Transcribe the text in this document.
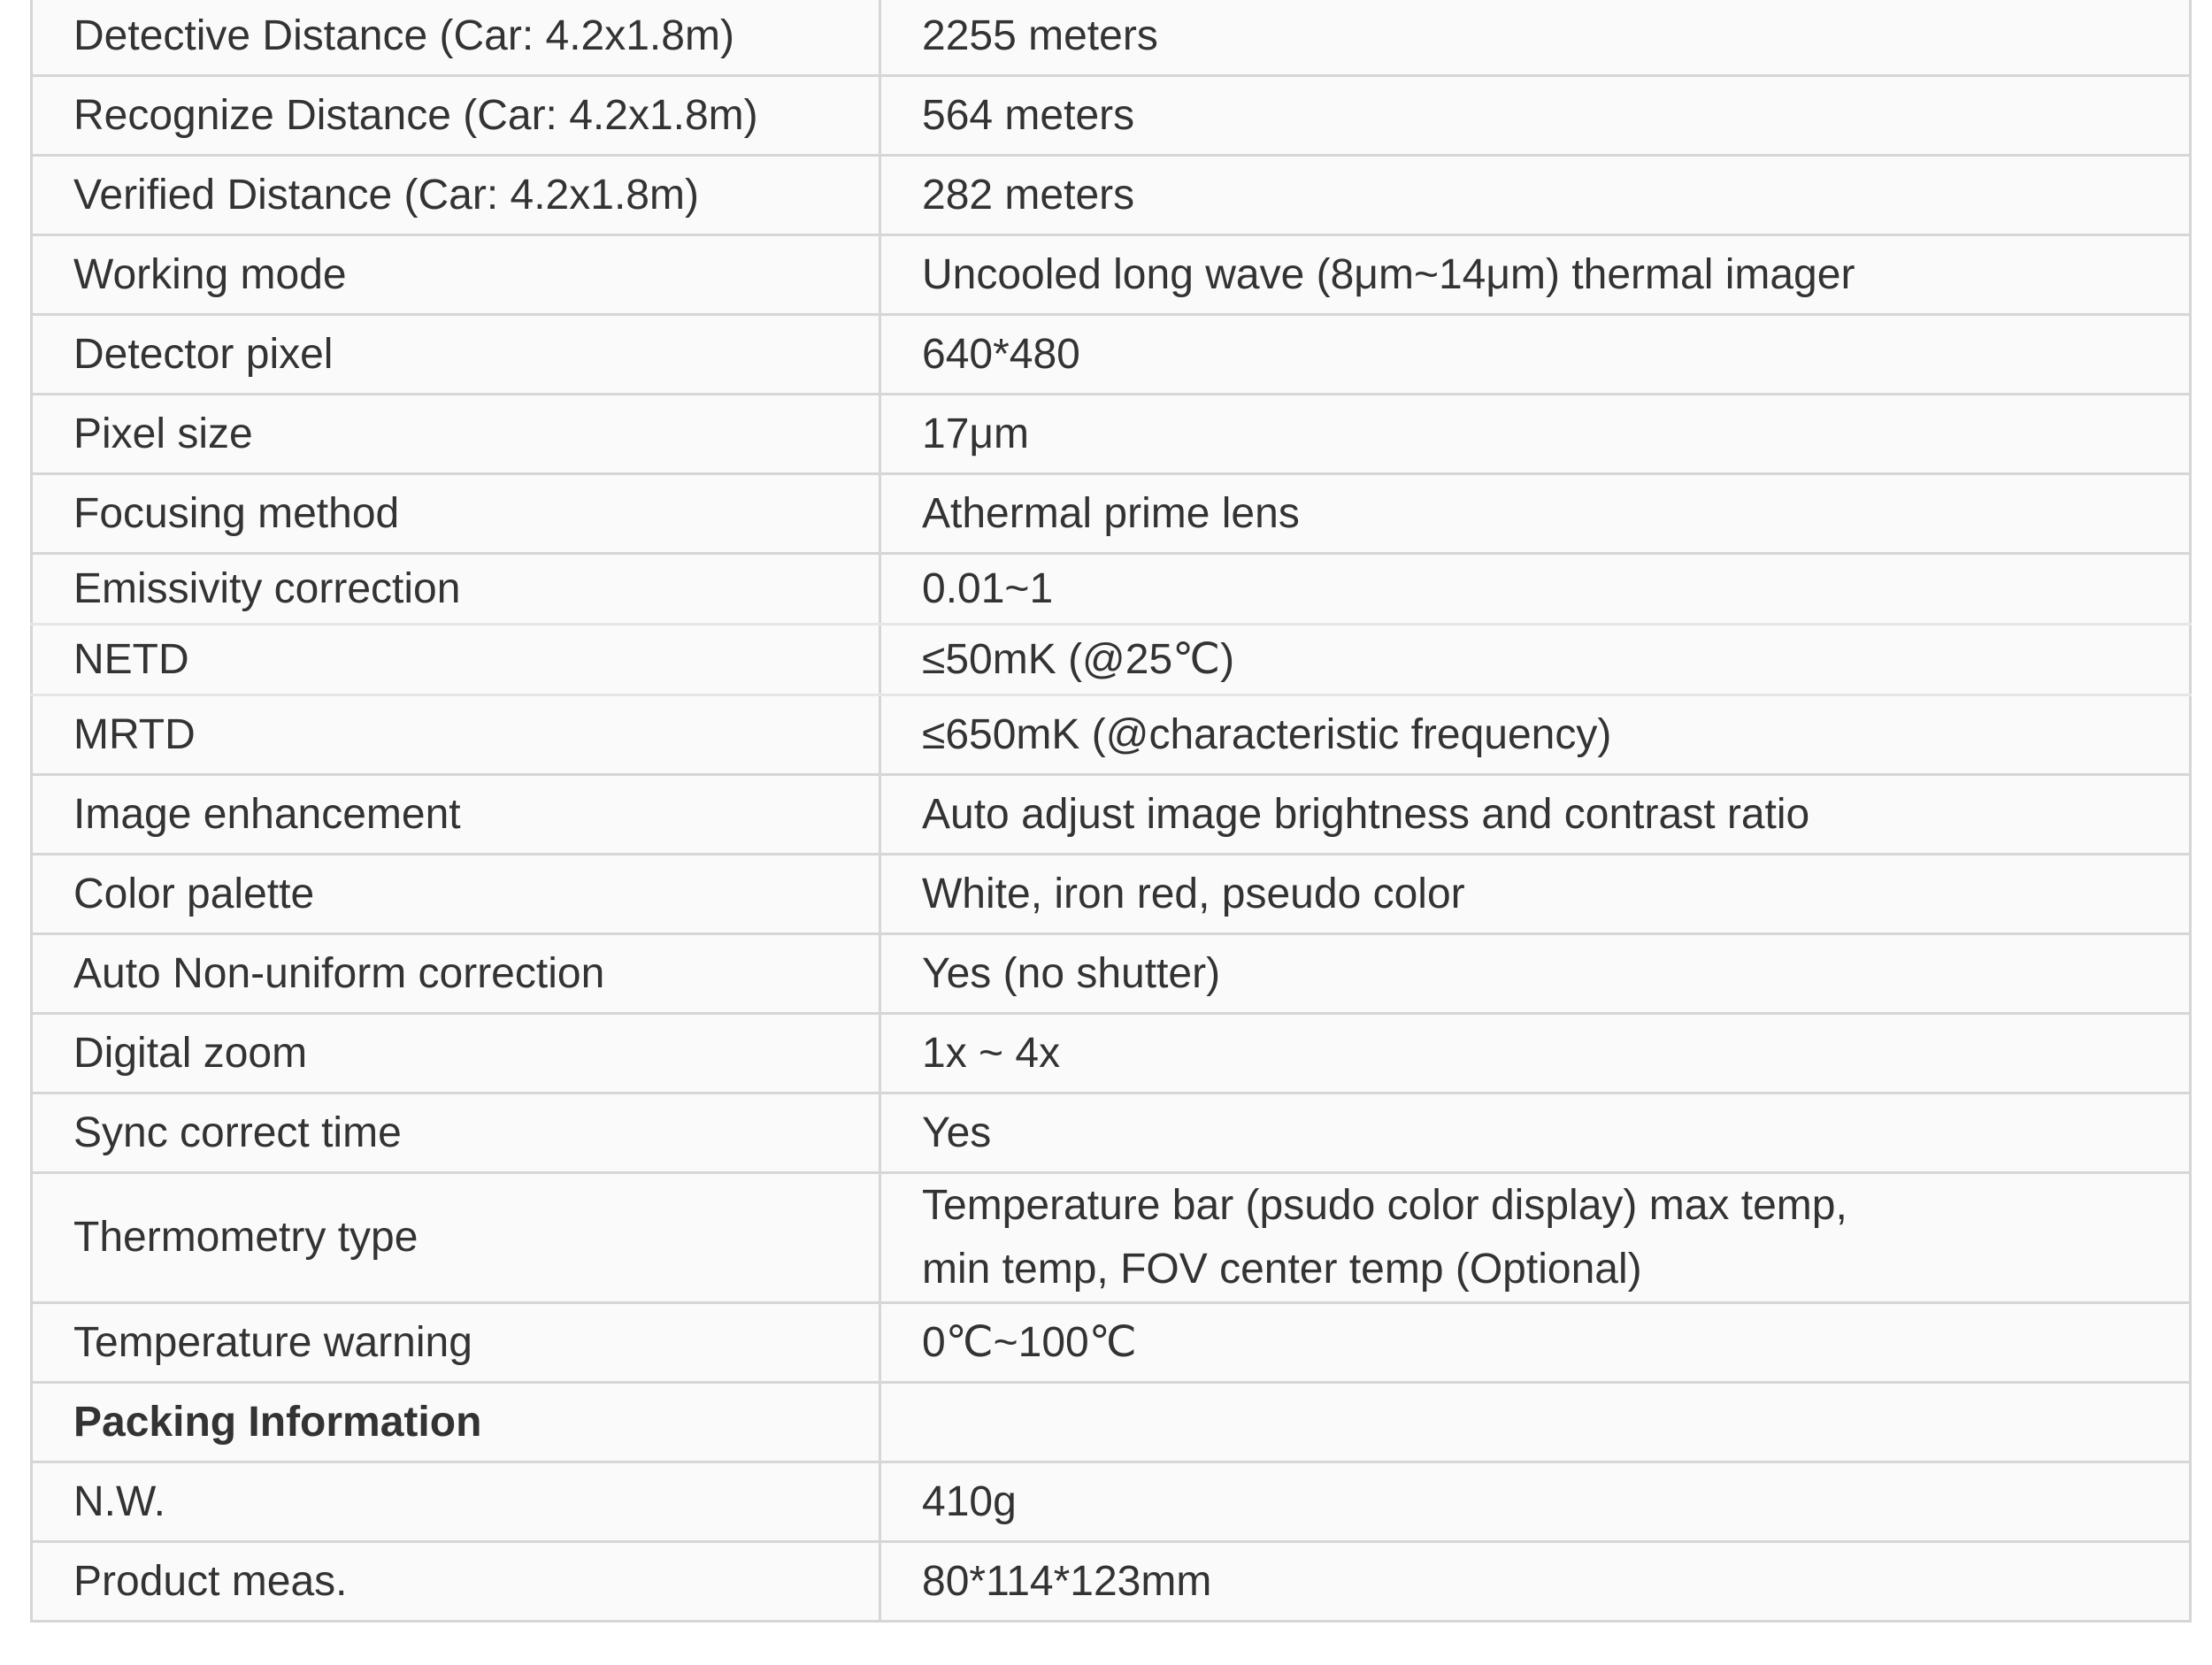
Detective Distance (Car: 4.2x1.8m)	2255 meters
Recognize Distance (Car: 4.2x1.8m)	564 meters
Verified Distance (Car: 4.2x1.8m)	282 meters
Working mode	Uncooled long wave (8μm~14μm) thermal imager
Detector pixel	640*480
Pixel size	17μm
Focusing method	Athermal prime lens
Emissivity correction	0.01~1
NETD	≤50mK (@25℃)
MRTD	≤650mK (@characteristic frequency)
Image enhancement	Auto adjust image brightness and contrast ratio
Color palette	White, iron red, pseudo color
Auto Non-uniform correction	Yes (no shutter)
Digital zoom	1x ~ 4x
Sync correct time	Yes
Thermometry type	Temperature bar (psudo color display) max temp,
min temp, FOV center temp (Optional)

Temperature warning	0℃~100℃
Packing Information	
N.W.	410g
Product meas.	80*114*123mm
